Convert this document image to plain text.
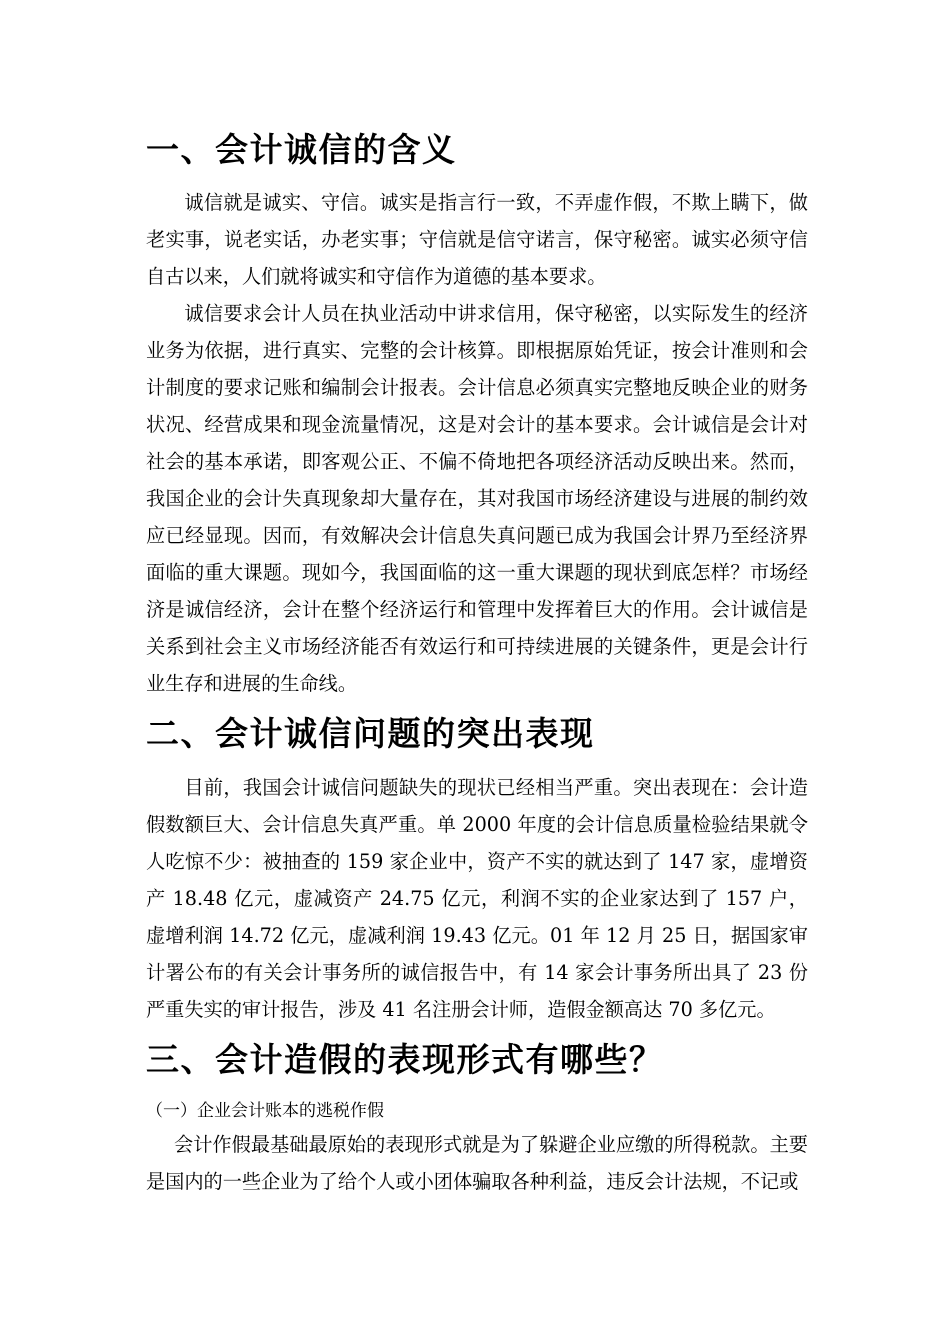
一、会计诚信的含义

诚信就是诚实、守信。诚实是指言行一致，不弄虚作假，不欺上瞒下，做老实事，说老实话，办老实事；守信就是信守诺言，保守秘密。诚实必须守信自古以来，人们就将诚实和守信作为道德的基本要求。

诚信要求会计人员在执业活动中讲求信用，保守秘密，以实际发生的经济业务为依据，进行真实、完整的会计核算。即根据原始凭证，按会计准则和会计制度的要求记账和编制会计报表。会计信息必须真实完整地反映企业的财务状况、经营成果和现金流量情况，这是对会计的基本要求。会计诚信是会计对社会的基本承诺，即客观公正、不偏不倚地把各项经济活动反映出来。然而，我国企业的会计失真现象却大量存在，其对我国市场经济建设与进展的制约效应已经显现。因而，有效解决会计信息失真问题已成为我国会计界乃至经济界面临的重大课题。现如今，我国面临的这一重大课题的现状到底怎样？市场经济是诚信经济，会计在整个经济运行和管理中发挥着巨大的作用。会计诚信是关系到社会主义市场经济能否有效运行和可持续进展的关键条件，更是会计行业生存和进展的生命线。

二、会计诚信问题的突出表现

目前，我国会计诚信问题缺失的现状已经相当严重。突出表现在：会计造假数额巨大、会计信息失真严重。单 2000 年度的会计信息质量检验结果就令人吃惊不少：被抽查的 159 家企业中，资产不实的就达到了 147 家，虚增资产 18.48 亿元，虚减资产 24.75 亿元，利润不实的企业家达到了 157 户，虚增利润 14.72 亿元，虚减利润 19.43 亿元。01 年 12 月 25 日，据国家审计署公布的有关会计事务所的诚信报告中，有 14 家会计事务所出具了 23 份严重失实的审计报告，涉及 41 名注册会计师，造假金额高达 70 多亿元。

三、会计造假的表现形式有哪些？
（一）企业会计账本的逃税作假

会计作假最基础最原始的表现形式就是为了躲避企业应缴的所得税款。主要是国内的一些企业为了给个人或小团体骗取各种利益，违反会计法规，不记或
